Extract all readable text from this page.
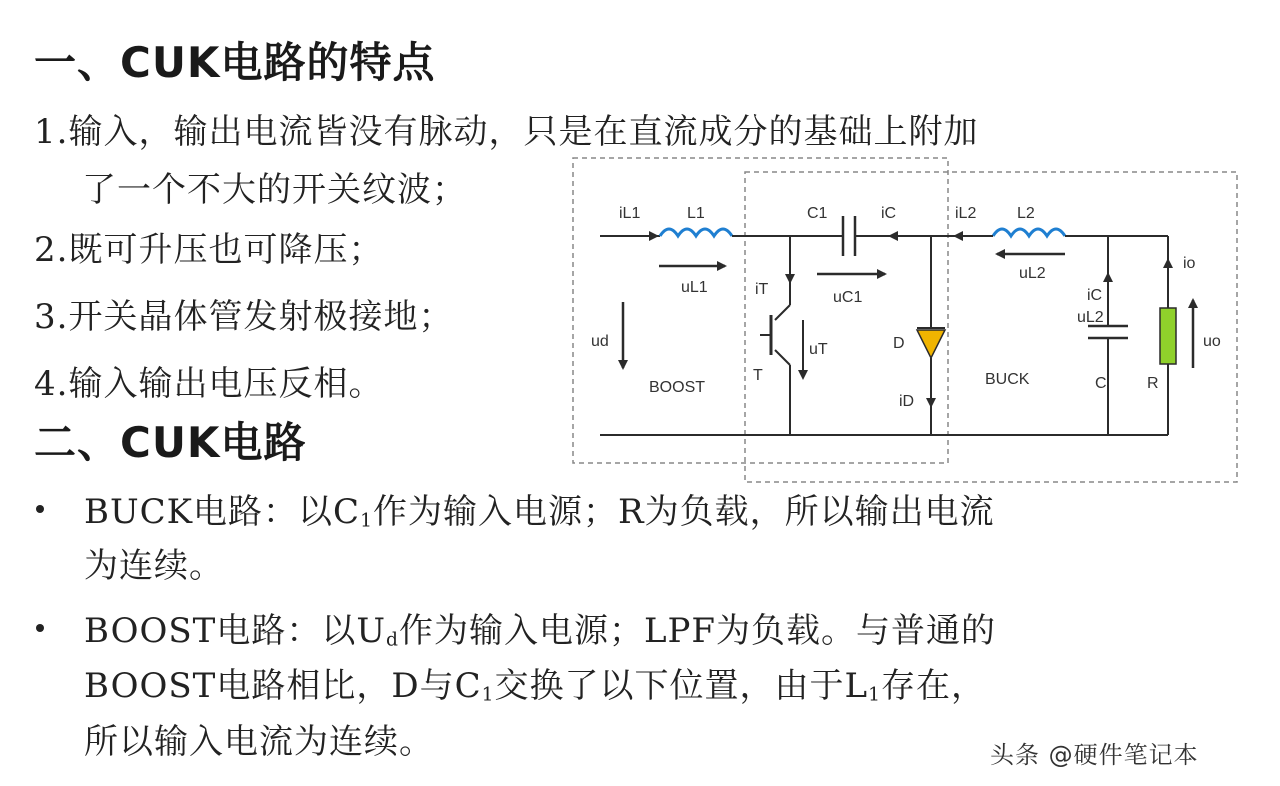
一、CUK电路的特点
1.输入，输出电流皆没有脉动，只是在直流成分的基础上附加
了一个不大的开关纹波；
2.既可升压也可降压；
3.开关晶体管发射极接地；
4.输入输出电压反相。
二、CUK电路
BUCK电路：以$C_1$作为输入电源；R为负载，所以输出电流
为连续。
BOOST电路：以$U_d$作为输入电源；LPF为负载。与普通的
BOOST电路相比，D与$C_1$交换了以下位置，由于$L_1$存在，
所以输入电流为连续。
iL1	L1
uL1
C1	iC
uC1
iL2	L2
uL2
iT
uT
T
D
iD
ud
BOOST	BUCK
iC
uL2
C
io
uo
R
头条 @硬件笔记本
